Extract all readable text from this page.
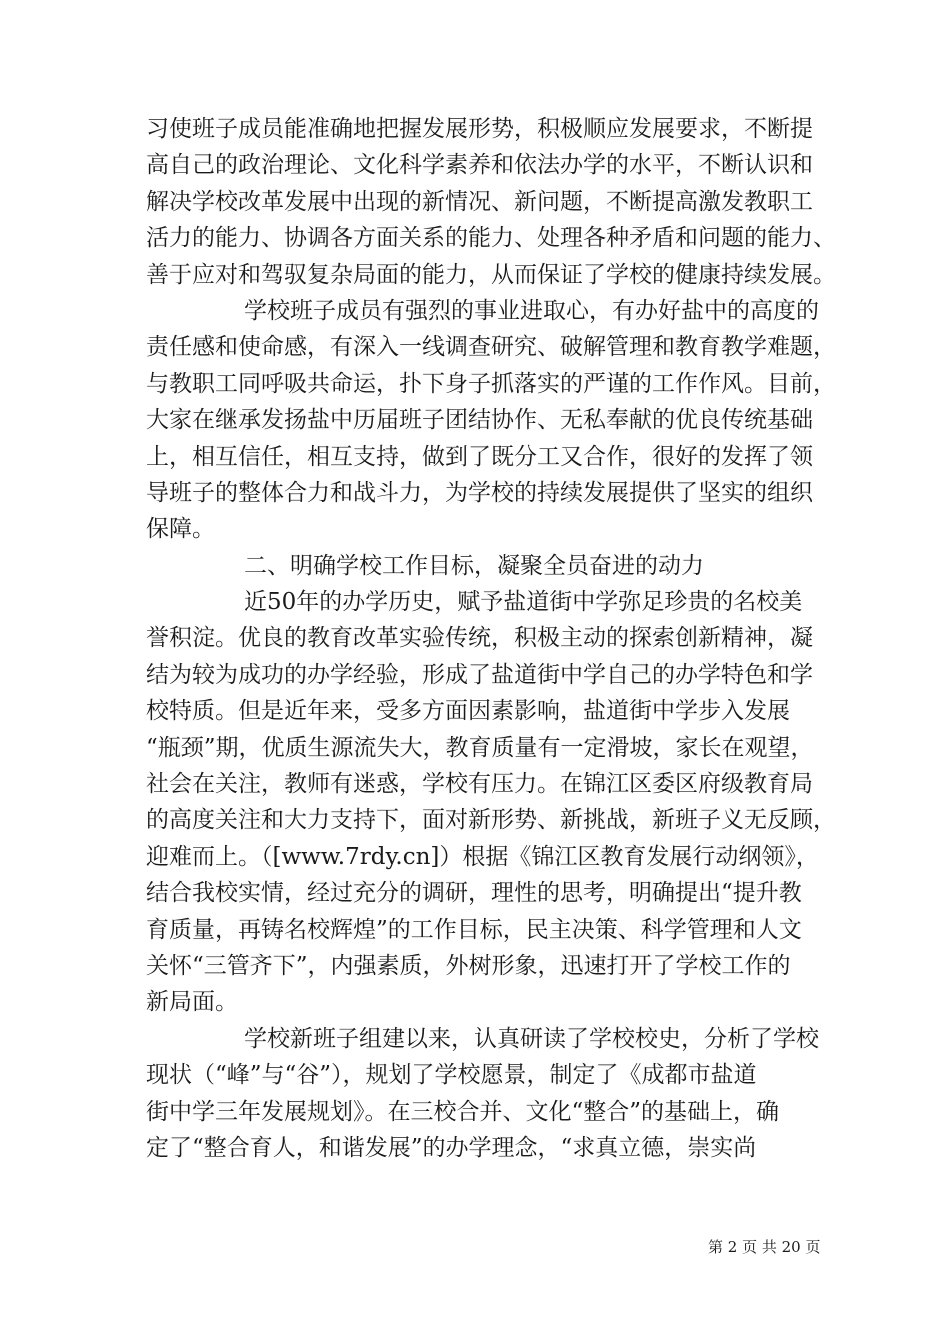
习使班子成员能准确地把握发展形势，积极顺应发展要求，不断提
高自己的政治理论、文化科学素养和依法办学的水平，不断认识和
解决学校改革发展中出现的新情况、新问题，不断提高激发教职工
活力的能力、协调各方面关系的能力、处理各种矛盾和问题的能力、
善于应对和驾驭复杂局面的能力，从而保证了学校的健康持续发展。
学校班子成员有强烈的事业进取心，有办好盐中的高度的
责任感和使命感，有深入一线调查研究、破解管理和教育教学难题，
与教职工同呼吸共命运，扑下身子抓落实的严谨的工作作风。目前，
大家在继承发扬盐中历届班子团结协作、无私奉献的优良传统基础
上，相互信任，相互支持，做到了既分工又合作，很好的发挥了领
导班子的整体合力和战斗力，为学校的持续发展提供了坚实的组织
保障。
二、明确学校工作目标，凝聚全员奋进的动力
近50年的办学历史，赋予盐道街中学弥足珍贵的名校美
誉积淀。优良的教育改革实验传统，积极主动的探索创新精神，凝
结为较为成功的办学经验，形成了盐道街中学自己的办学特色和学
校特质。但是近年来，受多方面因素影响，盐道街中学步入发展
“瓶颈”期，优质生源流失大，教育质量有一定滑坡，家长在观望，
社会在关注，教师有迷惑，学校有压力。在锦江区委区府级教育局
的高度关注和大力支持下，面对新形势、新挑战，新班子义无反顾，
迎难而上。（[www.7rdy.cn]）根据《锦江区教育发展行动纲领》，
结合我校实情，经过充分的调研，理性的思考，明确提出“提升教
育质量，再铸名校辉煌”的工作目标，民主决策、科学管理和人文
关怀“三管齐下”，内强素质，外树形象，迅速打开了学校工作的
新局面。
学校新班子组建以来，认真研读了学校校史，分析了学校
现状（“峰”与“谷”），规划了学校愿景，制定了《成都市盐道
街中学三年发展规划》。在三校合并、文化“整合”的基础上，确
定了“整合育人，和谐发展”的办学理念，“求真立德，崇实尚
第 2 页 共 20 页
